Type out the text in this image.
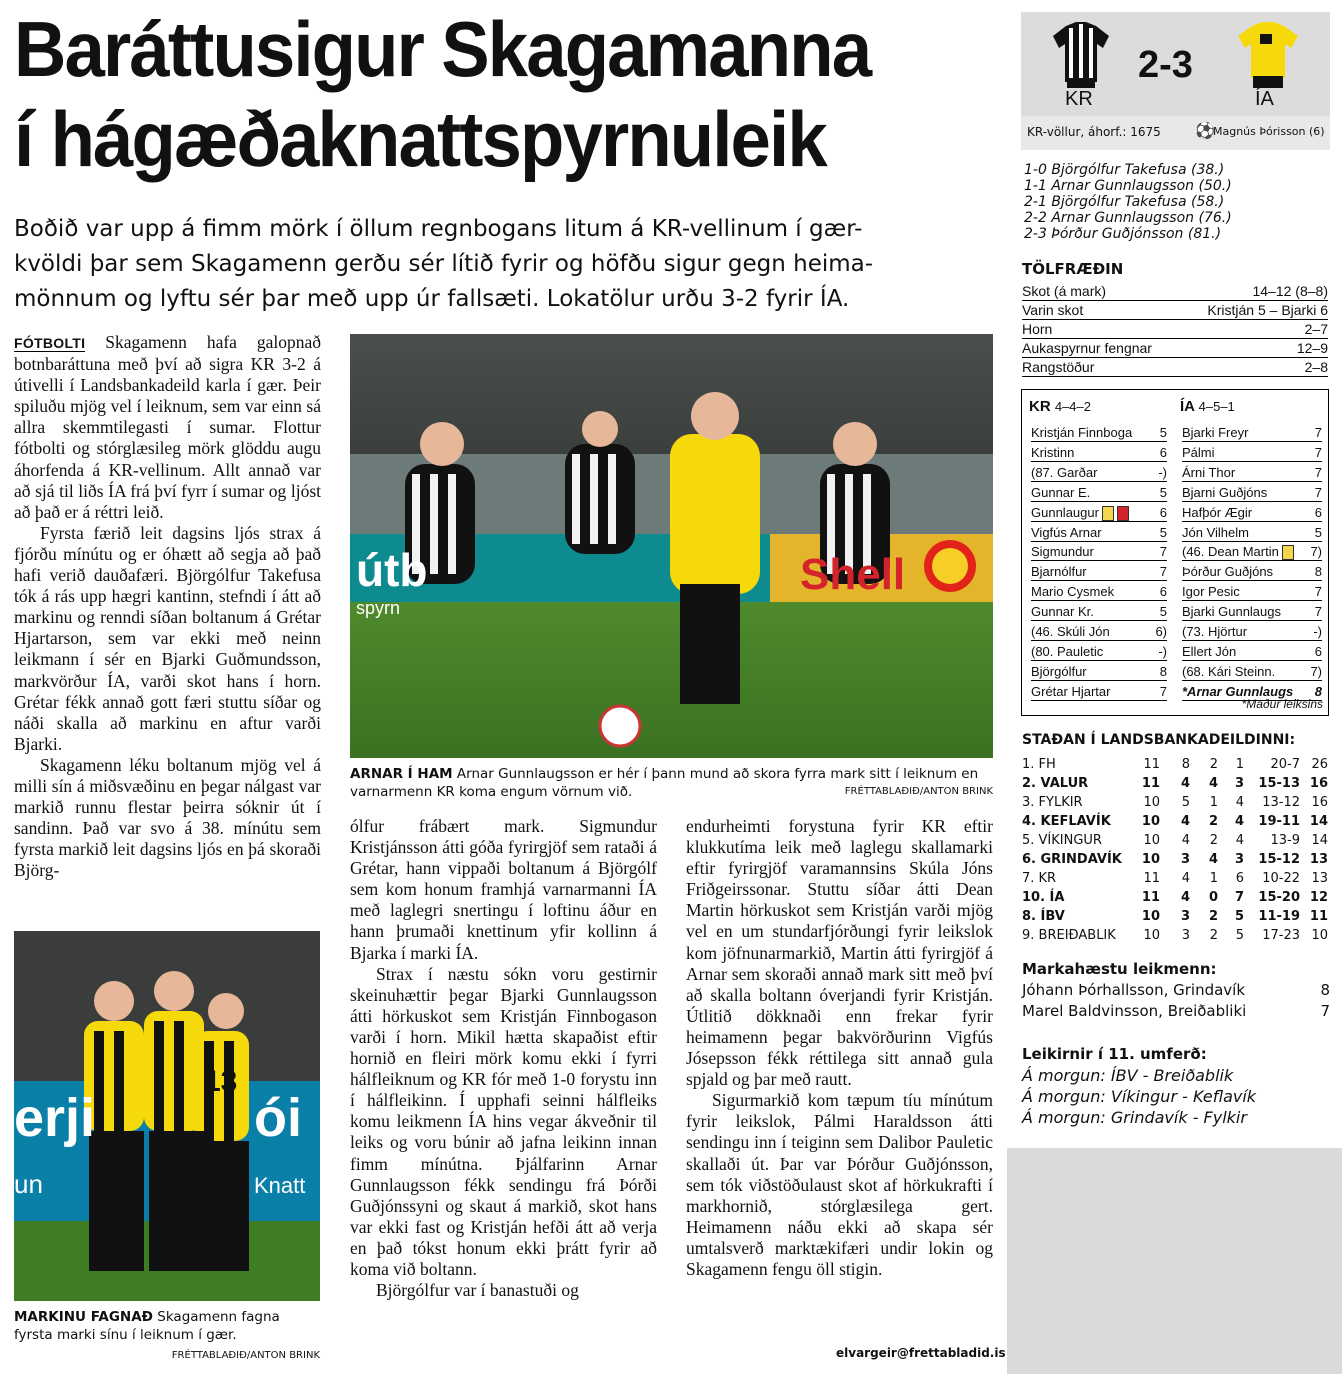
Baráttusigur Skagamanna
í hágæðaknattspyrnuleik

Boðið var upp á fimm mörk í öllum regnbogans litum á KR-vellinum í gær-
kvöldi þar sem Skagamenn gerðu sér lítið fyrir og höfðu sigur gegn heima-
mönnum og lyftu sér þar með upp úr fallsæti. Lokatölur urðu 3-2 fyrir ÍA.

FÓTBOLTI Skagamenn hafa galopnað botnbaráttuna með því að sigra KR 3-2 á útivelli í Landsbankadeild karla í gær. Þeir spiluðu mjög vel í leiknum, sem var einn sá allra skemmtilegasti í sumar. Flottur fótbolti og stórglæsileg mörk glöddu augu áhorfenda á KR-vellinum. Allt annað var að sjá til liðs ÍA frá því fyrr í sumar og ljóst að það er á réttri leið.

Fyrsta færið leit dagsins ljós strax á fjórðu mínútu og er óhætt að segja að það hafi verið dauðafæri. Björgólfur Takefusa tók á rás upp hægri kantinn, stefndi í átt að markinu og renndi síðan boltanum á Grétar Hjartarson, sem var ekki með neinn leikmann í sér en Bjarki Guðmundsson, markvörður ÍA, varði skot hans í horn. Grétar fékk annað gott færi stuttu síðar og náði skalla að markinu en aftur varði Bjarki.

Skagamenn léku boltanum mjög vel á milli sín á miðsvæðinu en þegar nálgast var markið runnu flestar þeirra sóknir út í sandinn. Það var svo á 38. mínútu sem fyrsta markið leit dagsins ljós en þá skoraði Björg-

útb
spyrn
Shell
ARNAR Í HAM Arnar Gunnlaugsson er hér í þann mund að skora fyrra mark sitt í leiknum en varnarmenn KR koma engum vörnum við.	FRÉTTABLAÐIÐ/ANTON BRINK
erji	ói
un	Knatt
13
MARKINU FAGNAÐ Skagamenn fagna fyrsta marki sínu í leiknum í gær.
FRÉTTABLAÐIÐ/ANTON BRINK

ólfur frábært mark. Sigmundur Kristjánsson átti góða fyrirgjöf sem rataði á Grétar, hann vippaði boltanum á Björgólf sem kom honum framhjá varnarmanni ÍA með laglegri snertingu í loftinu áður en hann þrumaði knettinum yfir kollinn á Bjarka í marki ÍA.

Strax í næstu sókn voru gestirnir skeinuhættir þegar Bjarki Gunnlaugsson átti hörkuskot sem Kristján Finnbogason varði í horn. Mikil hætta skapaðist eftir hornið en fleiri mörk komu ekki í fyrri hálfleiknum og KR fór með 1-0 forystu inn í hálfleikinn. Í upphafi seinni hálfleiks komu leikmenn ÍA hins vegar ákveðnir til leiks og voru búnir að jafna leikinn innan fimm mínútna. Þjálfarinn Arnar Gunnlaugsson fékk sendingu frá Þórði Guðjónssyni og skaut á markið, skot hans var ekki fast og Kristján hefði átt að verja en það tókst honum ekki þrátt fyrir að koma við boltann.

Björgólfur var í banastuði og

endurheimti forystuna fyrir KR eftir klukkutíma leik með laglegu skallamarki eftir fyrirgjöf varamannsins Skúla Jóns Friðgeirssonar. Stuttu síðar átti Dean Martin hörkuskot sem Kristján varði mjög vel en um stundarfjórðungi fyrir leikslok kom jöfnunarmarkið, Martin átti fyrirgjöf á Arnar sem skoraði annað mark sitt með því að skalla boltann óverjandi fyrir Kristján. Útlitið dökknaði enn frekar fyrir heimamenn þegar bakvörðurinn Vigfús Jósepsson fékk réttilega sitt annað gula spjald og þar með rautt.

Sigurmarkið kom tæpum tíu mínútum fyrir leikslok, Pálmi Haraldsson átti sendingu inn í teiginn sem Dalibor Pauletic skallaði út. Þar var Þórður Guðjónsson, sem tók viðstöðulaust skot af hörkukrafti í markhornið, stórglæsilega gert. Heimamenn náðu ekki að skapa sér umtalsverð marktækifæri undir lokin og Skagamenn fengu öll stigin.

elvargeir@frettabladid.is
KR
2-3
ÍA
KR-völlur, áhorf.: 1675 ⚽
Magnús Þórisson (6)
1-0 Björgólfur Takefusa (38.)
1-1 Arnar Gunnlaugsson (50.)
2-1 Björgólfur Takefusa (58.)
2-2 Arnar Gunnlaugsson (76.)
2-3 Þórður Guðjónsson (81.)
TÖLFRÆÐIN
Skot (á mark)	14–12 (8–8)
Varin skot	Kristján 5 – Bjarki 6
Horn	2–7
Aukaspyrnur fengnar	12–9
Rangstöður	2–8
KR 4–4–2
Kristján Finnboga 5
Kristinn	6
(87. Garðar	-)
Gunnar E.	5
Gunnlaugur	6
Vigfús Arnar	5
Sigmundur	7
Bjarnólfur	7
Mario Cysmek	6
Gunnar Kr.	5
(46. Skúli Jón	6)
(80. Pauletic	-)
Björgólfur	8
Grétar Hjartar	7
ÍA 4–5–1
Bjarki Freyr	7
Pálmi	7
Árni Thor	7
Bjarni Guðjóns	7
Hafþór Ægir	6
Jón Vilhelm	5
(46. Dean Martin 7)
Þórður Guðjóns	8
Igor Pesic	7
Bjarki Gunnlaugs	7
(73. Hjörtur	-)
Ellert Jón	6
(68. Kári Steinn.	7)
*Arnar Gunnlaugs 8
*Maður leiksins
STAÐAN Í LANDSBANKADEILDINNI:
1. FH	11	8	2	1	20-7	26
2. VALUR	11	4	4	3	15-13	16
3. FYLKIR	10	5	1	4	13-12	16
4. KEFLAVÍK	10	4	2	4	19-11	14
5. VÍKINGUR	10	4	2	4	13-9	14
6. GRINDAVÍK	10	3	4	3	15-12	13
7. KR	11	4	1	6	10-22	13
10. ÍA	11	4	0	7	15-20	12
8. ÍBV	10	3	2	5	11-19	11
9. BREIÐABLIK	10	3	2	5	17-23	10
Markahæstu leikmenn:
Jóhann Þórhallsson, Grindavík	8
Marel Baldvinsson, Breiðabliki	7
Leikirnir í 11. umferð:
Á morgun: ÍBV - Breiðablik
Á morgun: Víkingur - Keflavík
Á morgun: Grindavík - Fylkir
